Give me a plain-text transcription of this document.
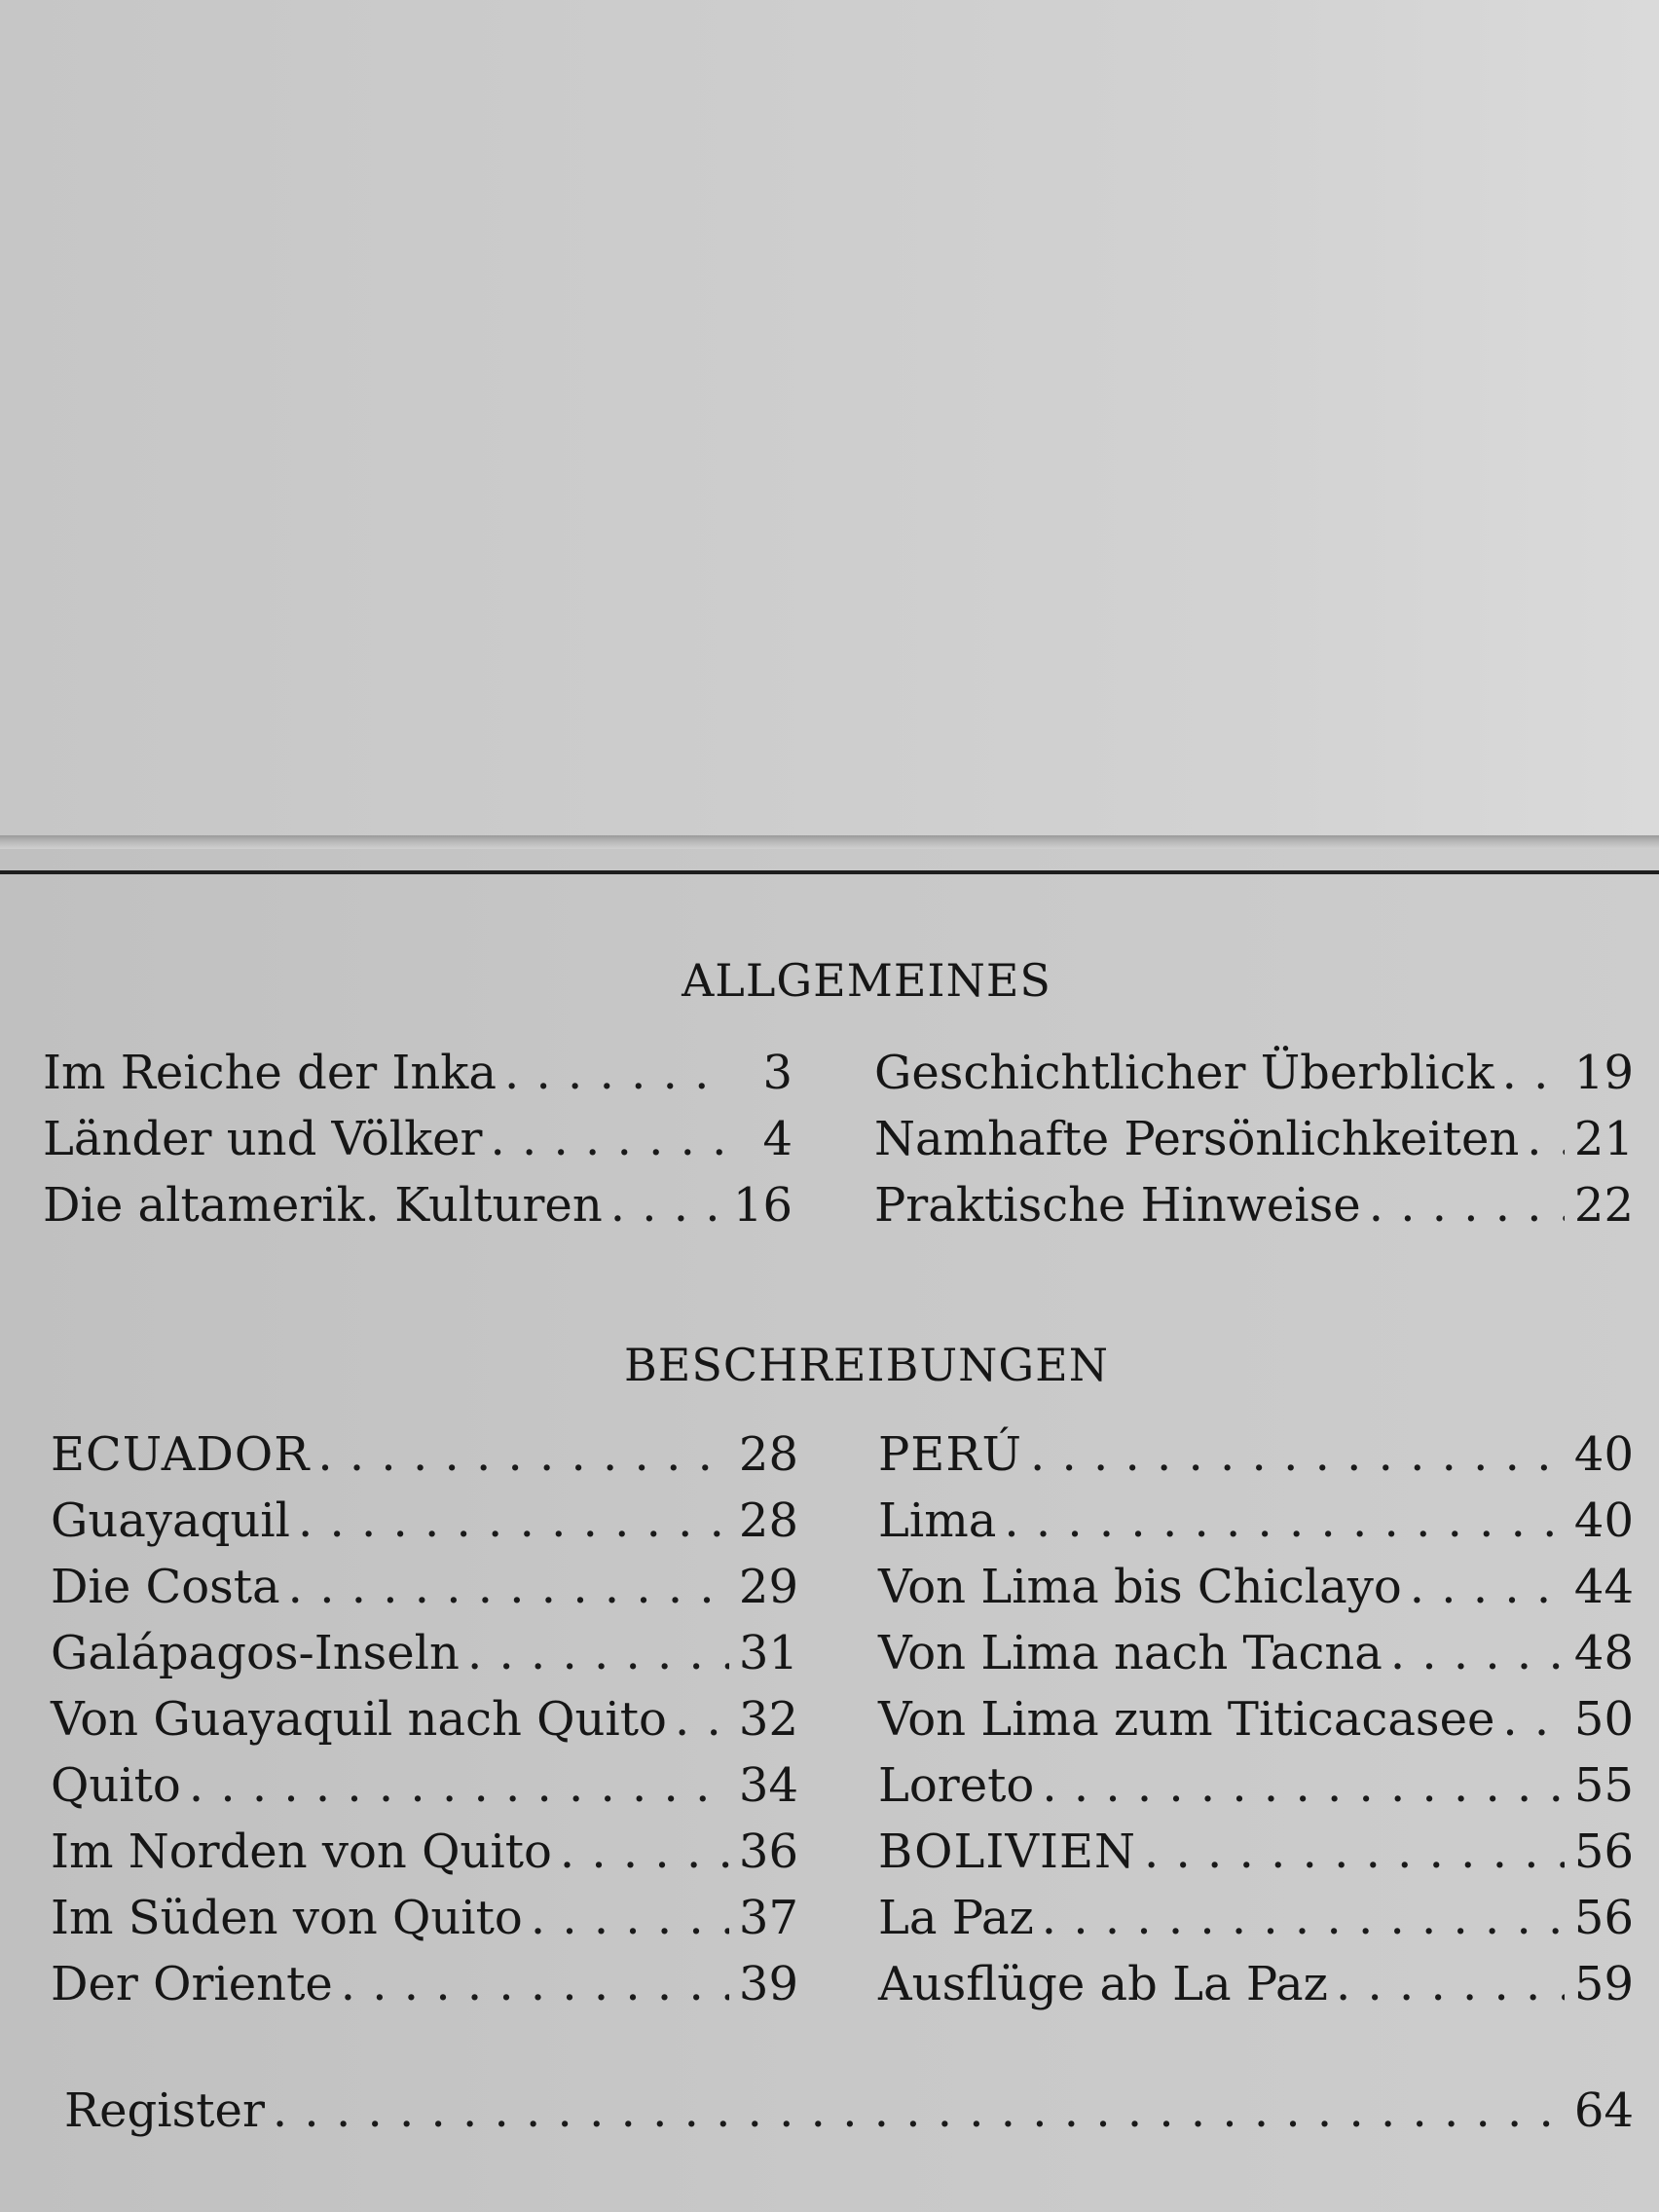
ALLGEMEINES
Im Reiche der Inka . . .	3
Länder und Völker . . .	4
Die altamerik. Kulturen . . .	16
Geschichtlicher Überblick . . . 19
Namhafte Persönlichkeiten . . . 21
Praktische Hinweise . . .	22
BESCHREIBUNGEN
ECUADOR . . .	28
Guayaquil . . .	28
Die Costa . . .	29
Galápagos-Inseln . . .	31
Von Guayaquil nach Quito . . . 32
Quito . . .	34
Im Norden von Quito . . .	36
Im Süden von Quito . . .	37
Der Oriente . . .	39
PERÚ . . .	40
Lima . . .	40
Von Lima bis Chiclayo . . .	44
Von Lima nach Tacna . . .	48
Von Lima zum Titicacasee . . . 50
Loreto . . .	55
BOLIVIEN . . .	56
La Paz . . .	56
Ausflüge ab La Paz . . .	59
Register . . .	64
